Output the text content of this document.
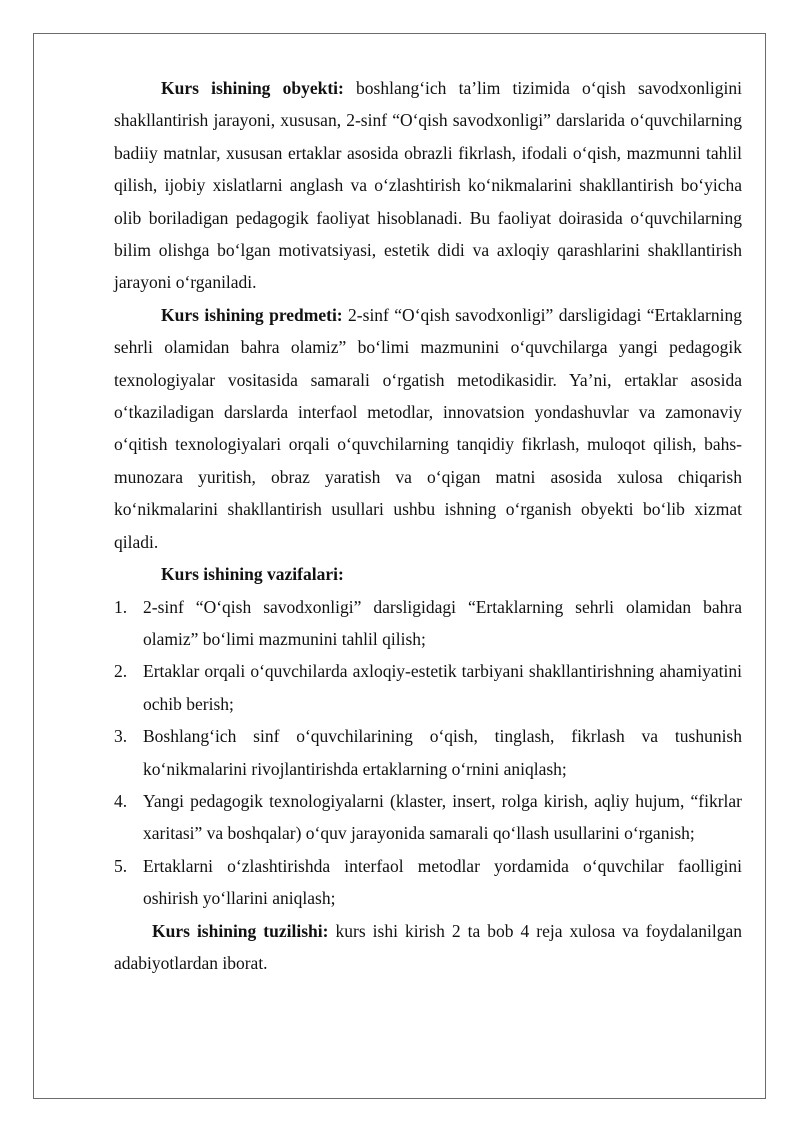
Kurs ishining obyekti: boshlang‘ich ta’lim tizimida o‘qish savodxonligini shakllantirish jarayoni, xususan, 2-sinf “O‘qish savodxonligi” darslarida o‘quvchilarning badiiy matnlar, xususan ertaklar asosida obrazli fikrlash, ifodali o‘qish, mazmunni tahlil qilish, ijobiy xislatlarni anglash va o‘zlashtirish ko‘nikmalarini shakllantirish bo‘yicha olib boriladigan pedagogik faoliyat hisoblanadi. Bu faoliyat doirasida o‘quvchilarning bilim olishga bo‘lgan motivatsiyasi, estetik didi va axloqiy qarashlarini shakllantirish jarayoni o‘rganiladi.

Kurs ishining predmeti: 2-sinf “O‘qish savodxonligi” darsligidagi “Ertaklarning sehrli olamidan bahra olamiz” bo‘limi mazmunini o‘quvchilarga yangi pedagogik texnologiyalar vositasida samarali o‘rgatish metodikasidir. Ya’ni, ertaklar asosida o‘tkaziladigan darslarda interfaol metodlar, innovatsion yondashuvlar va zamonaviy o‘qitish texnologiyalari orqali o‘quvchilarning tanqidiy fikrlash, muloqot qilish, bahs-munozara yuritish, obraz yaratish va o‘qigan matni asosida xulosa chiqarish ko‘nikmalarini shakllantirish usullari ushbu ishning o‘rganish obyekti bo‘lib xizmat qiladi.

Kurs ishining vazifalari:

1. 2-sinf “O‘qish savodxonligi” darsligidagi “Ertaklarning sehrli olamidan bahra olamiz” bo‘limi mazmunini tahlil qilish;
2. Ertaklar orqali o‘quvchilarda axloqiy-estetik tarbiyani shakllantirishning ahamiyatini ochib berish;
3. Boshlang‘ich sinf o‘quvchilarining o‘qish, tinglash, fikrlash va tushunish ko‘nikmalarini rivojlantirishda ertaklarning o‘rnini aniqlash;
4. Yangi pedagogik texnologiyalarni (klaster, insert, rolga kirish, aqliy hujum, “fikrlar xaritasi” va boshqalar) o‘quv jarayonida samarali qo‘llash usullarini o‘rganish;
5. Ertaklarni o‘zlashtirishda interfaol metodlar yordamida o‘quvchilar faolligini oshirish yo‘llarini aniqlash;

Kurs ishining tuzilishi: kurs ishi kirish 2 ta bob 4 reja xulosa va foydalanilgan adabiyotlardan iborat.
